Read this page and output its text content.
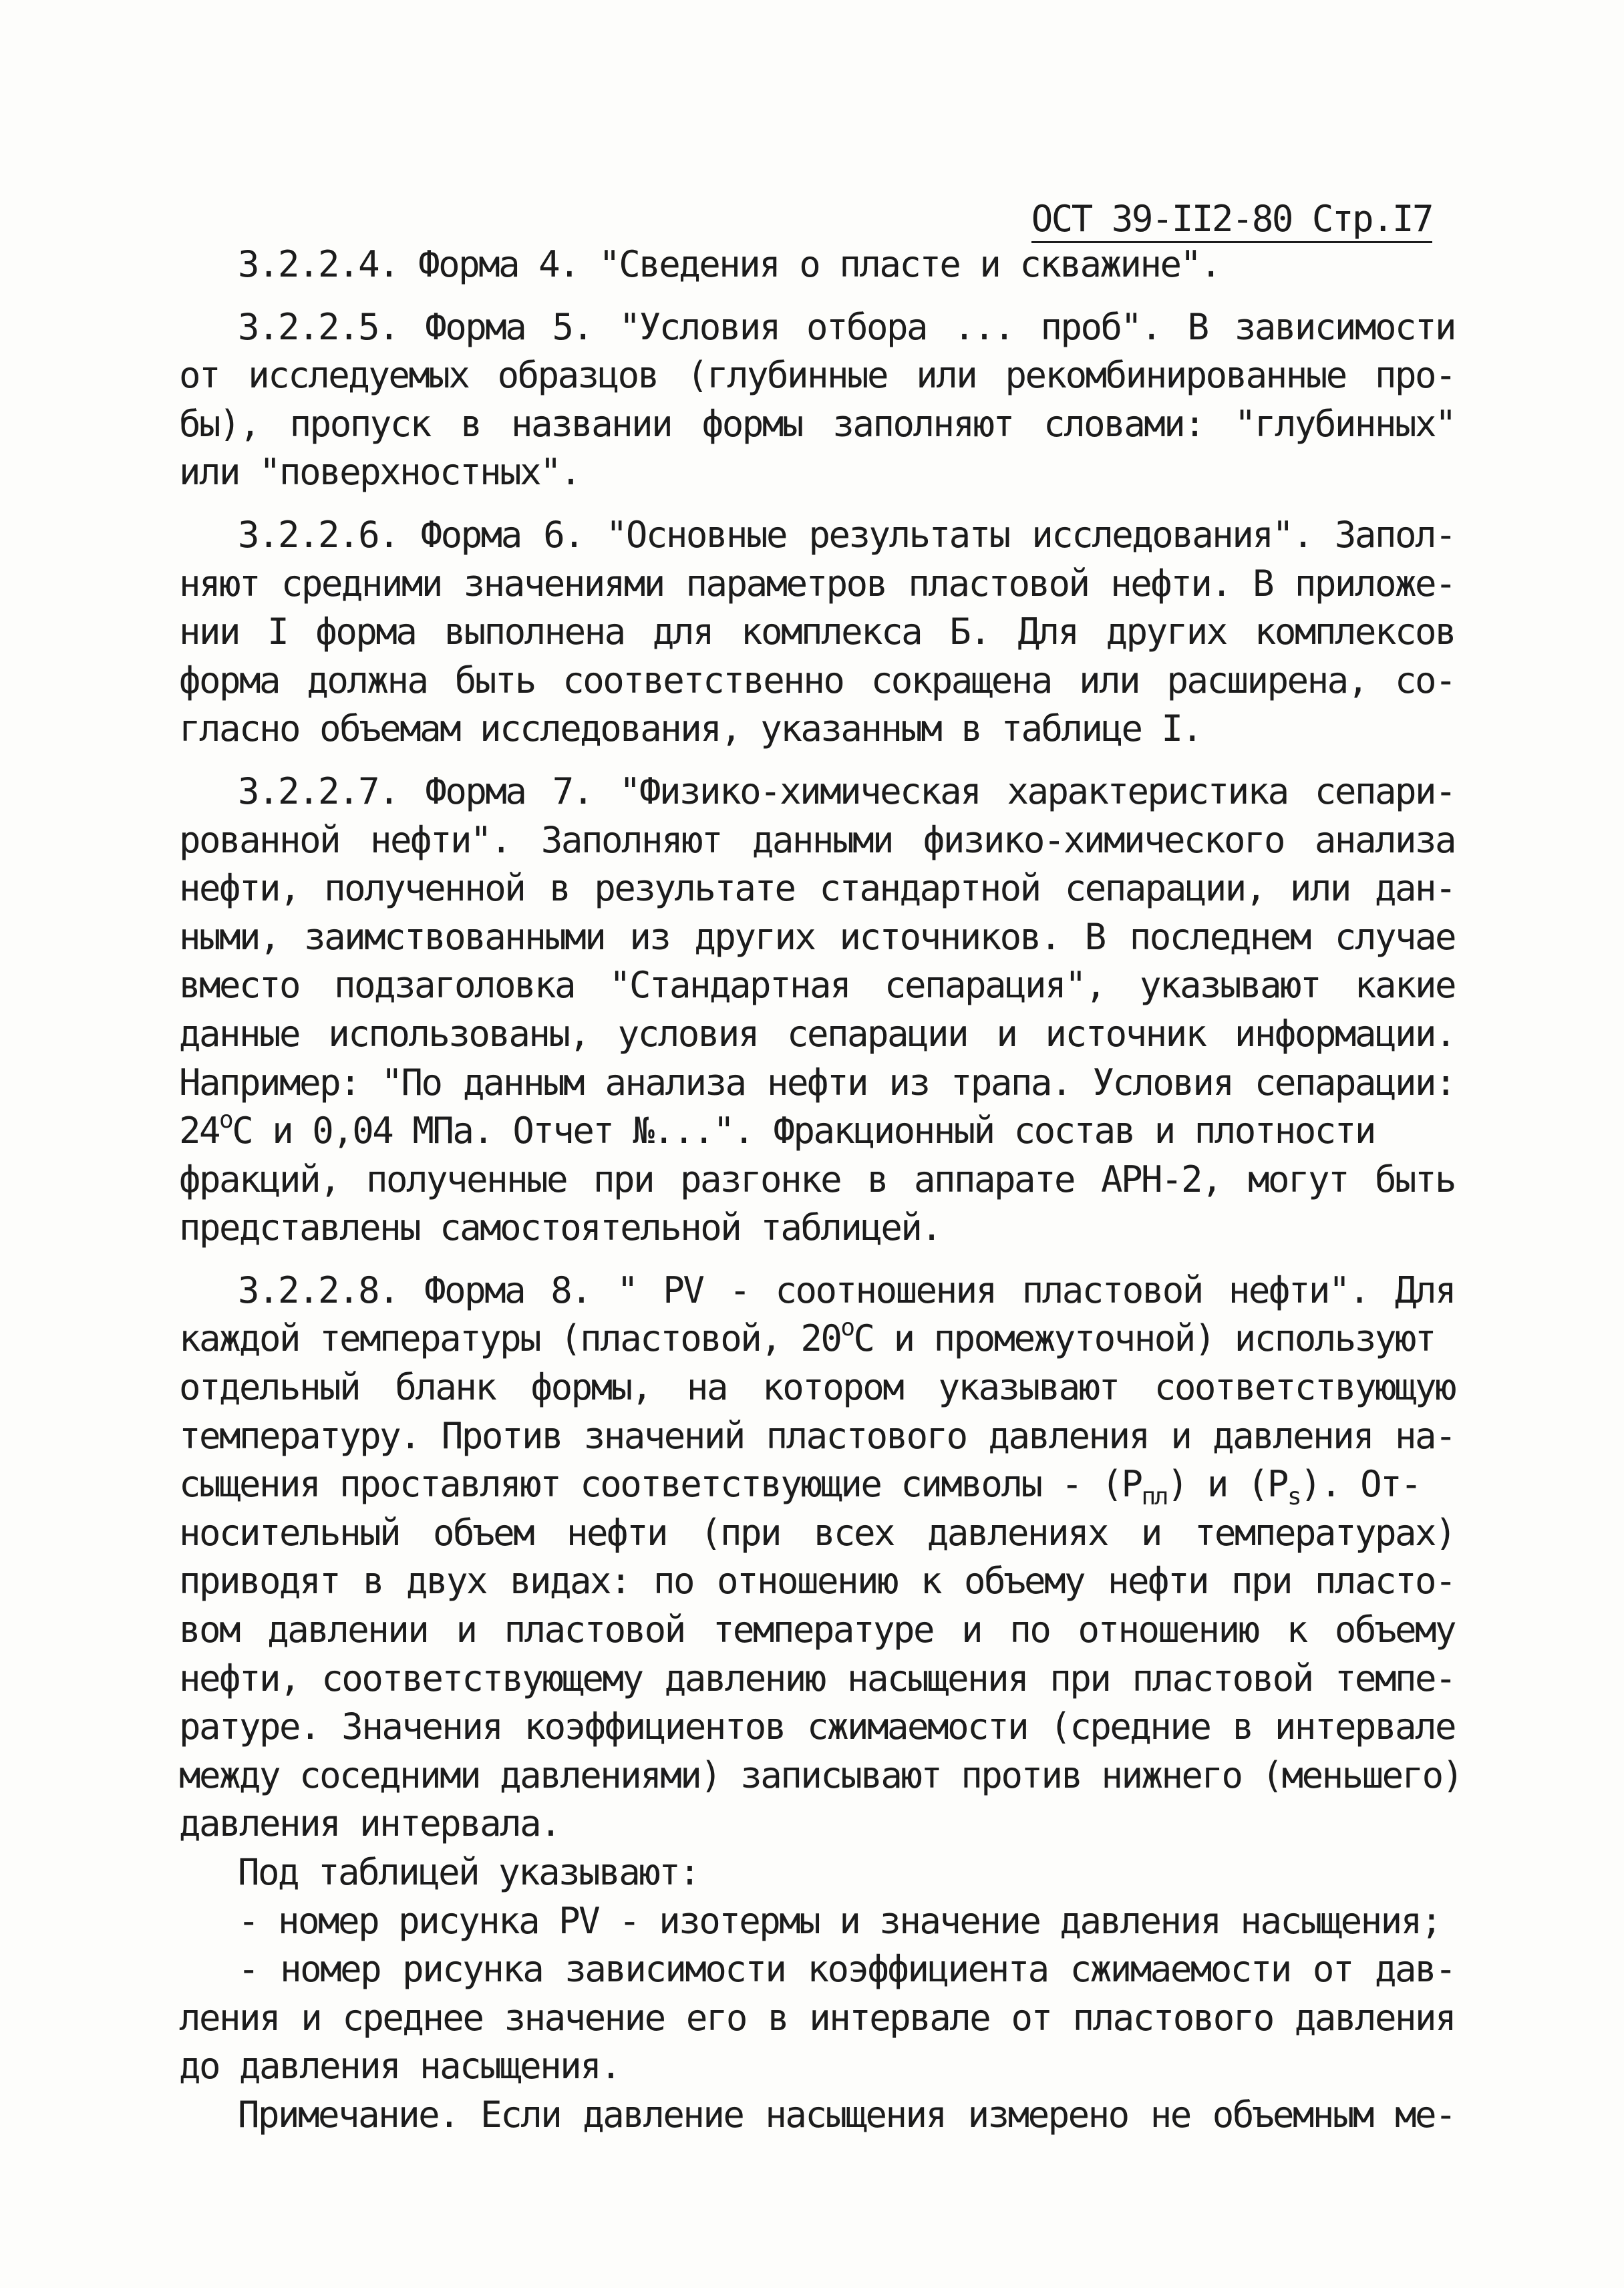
ОСТ 39-II2-80 Стр.I7
3.2.2.4. Форма 4. "Сведения о пласте и скважине".
3.2.2.5. Форма 5. "Условия отбора ... проб". В зависимости
от исследуемых образцов (глубинные или рекомбинированные про-
бы), пропуск в названии формы заполняют словами: "глубинных"
или "поверхностных".
3.2.2.6. Форма 6. "Основные результаты исследования". Запол-
няют средними значениями параметров пластовой нефти. В приложе-
нии I форма выполнена для комплекса Б. Для других комплексов
форма должна быть соответственно сокращена или расширена, со-
гласно объемам исследования, указанным в таблице I.
3.2.2.7. Форма 7. "Физико-химическая характеристика сепари-
рованной нефти". Заполняют данными физико-химического анализа
нефти, полученной в результате стандартной сепарации, или дан-
ными, заимствованными из других источников. В последнем случае
вместо подзаголовка "Стандартная сепарация", указывают какие
данные использованы, условия сепарации и источник информации.
Например: "По данным анализа нефти из трапа. Условия сепарации:
$24^оС$ и 0,04 МПа. Отчет №...". Фракционный состав и плотности
фракций, полученные при разгонке в аппарате АРН-2, могут быть
представлены самостоятельной таблицей.
3.2.2.8. Форма 8. " PV - соотношения пластовой нефти". Для
каждой температуры (пластовой, $20^оС$ и промежуточной) используют
отдельный бланк формы, на котором указывают соответствующую
температуру. Против значений пластового давления и давления на-
сыщения проставляют соответствующие символы - $(P_{пл})$ и $(P_s)$. От-
носительный объем нефти (при всех давлениях и температурах)
приводят в двух видах: по отношению к объему нефти при пласто-
вом давлении и пластовой температуре и по отношению к объему
нефти, соответствующему давлению насыщения при пластовой темпе-
ратуре. Значения коэффициентов сжимаемости (средние в интервале
между соседними давлениями) записывают против нижнего (меньшего)
давления интервала.
Под таблицей указывают:
- номер рисунка PV - изотермы и значение давления насыщения;
- номер рисунка зависимости коэффициента сжимаемости от дав-
ления и среднее значение его в интервале от пластового давления
до давления насыщения.
Примечание. Если давление насыщения измерено не объемным ме-
